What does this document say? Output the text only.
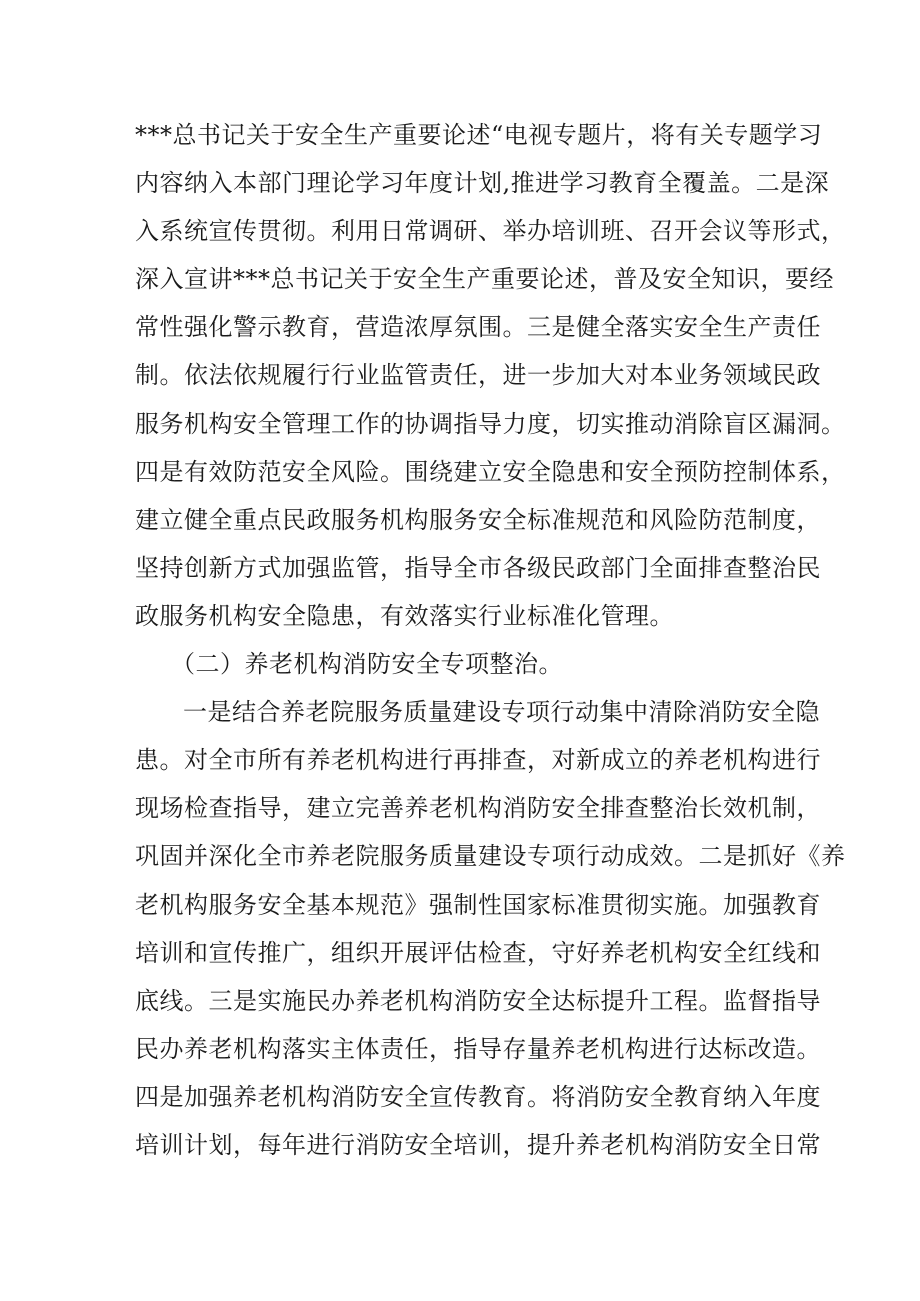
***总书记关于安全生产重要论述“电视专题片，将有关专题学习
内容纳入本部门理论学习年度计划,推进学习教育全覆盖。二是深
入系统宣传贯彻。利用日常调研、举办培训班、召开会议等形式，
深入宣讲***总书记关于安全生产重要论述，普及安全知识，要经
常性强化警示教育，营造浓厚氛围。三是健全落实安全生产责任
制。依法依规履行行业监管责任，进一步加大对本业务领域民政
服务机构安全管理工作的协调指导力度，切实推动消除盲区漏洞。
四是有效防范安全风险。围绕建立安全隐患和安全预防控制体系，
建立健全重点民政服务机构服务安全标准规范和风险防范制度，
坚持创新方式加强监管，指导全市各级民政部门全面排查整治民
政服务机构安全隐患，有效落实行业标准化管理。
（二）养老机构消防安全专项整治。
一是结合养老院服务质量建设专项行动集中清除消防安全隐
患。对全市所有养老机构进行再排查，对新成立的养老机构进行
现场检查指导，建立完善养老机构消防安全排查整治长效机制，
巩固并深化全市养老院服务质量建设专项行动成效。二是抓好《养
老机构服务安全基本规范》强制性国家标准贯彻实施。加强教育
培训和宣传推广，组织开展评估检查，守好养老机构安全红线和
底线。三是实施民办养老机构消防安全达标提升工程。监督指导
民办养老机构落实主体责任，指导存量养老机构进行达标改造。
四是加强养老机构消防安全宣传教育。将消防安全教育纳入年度
培训计划，每年进行消防安全培训，提升养老机构消防安全日常
